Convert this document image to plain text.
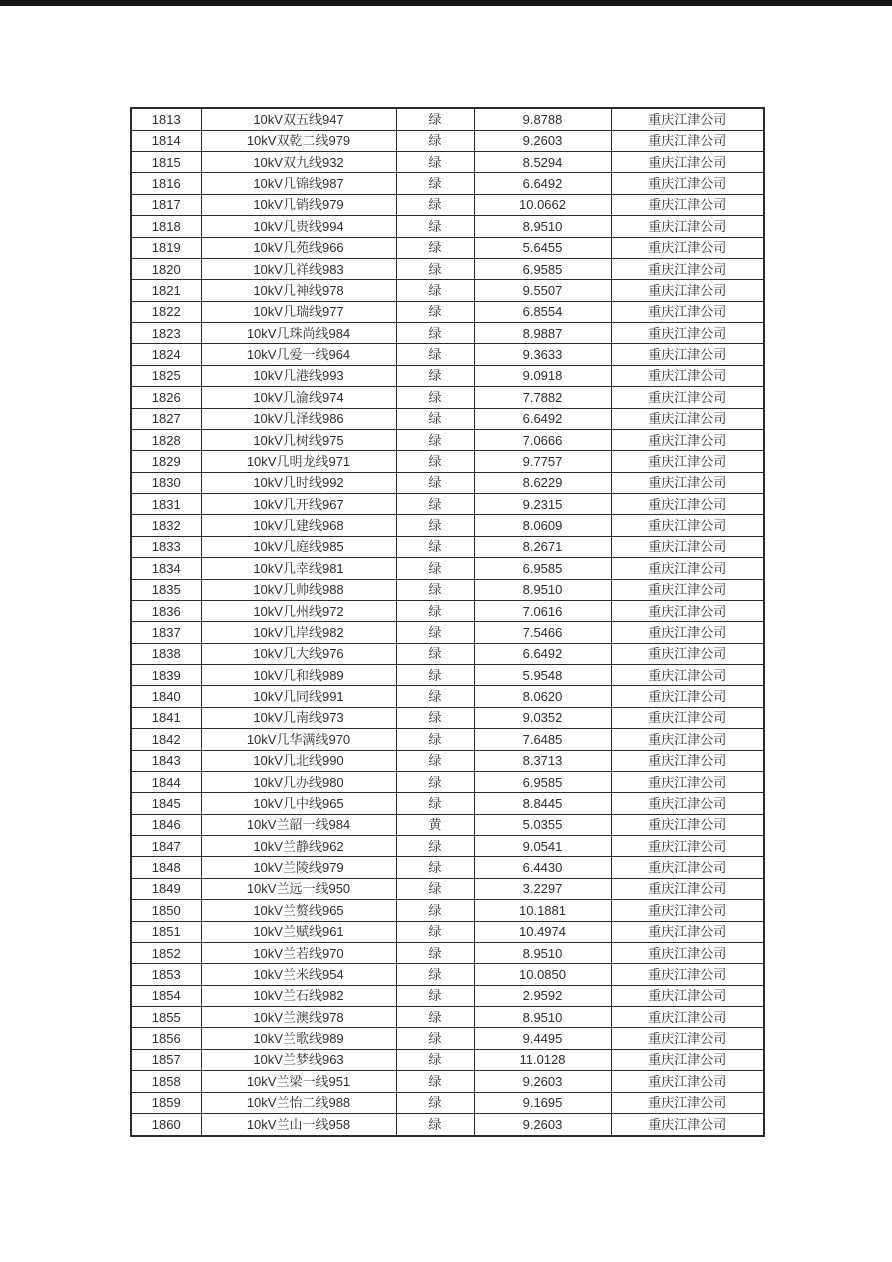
1813	10kV双五线947	绿	9.8788	重庆江津公司
1814	10kV双乾二线979	绿	9.2603	重庆江津公司
1815	10kV双九线932	绿	8.5294	重庆江津公司
1816	10kV几锦线987	绿	6.6492	重庆江津公司
1817	10kV几销线979	绿	10.0662	重庆江津公司
1818	10kV几贵线994	绿	8.9510	重庆江津公司
1819	10kV几苑线966	绿	5.6455	重庆江津公司
1820	10kV几祥线983	绿	6.9585	重庆江津公司
1821	10kV几神线978	绿	9.5507	重庆江津公司
1822	10kV几瑞线977	绿	6.8554	重庆江津公司
1823	10kV几珠尚线984	绿	8.9887	重庆江津公司
1824	10kV几爱一线964	绿	9.3633	重庆江津公司
1825	10kV几港线993	绿	9.0918	重庆江津公司
1826	10kV几渝线974	绿	7.7882	重庆江津公司
1827	10kV几泽线986	绿	6.6492	重庆江津公司
1828	10kV几树线975	绿	7.0666	重庆江津公司
1829	10kV几明龙线971	绿	9.7757	重庆江津公司
1830	10kV几时线992	绿	8.6229	重庆江津公司
1831	10kV几开线967	绿	9.2315	重庆江津公司
1832	10kV几建线968	绿	8.0609	重庆江津公司
1833	10kV几庭线985	绿	8.2671	重庆江津公司
1834	10kV几幸线981	绿	6.9585	重庆江津公司
1835	10kV几帅线988	绿	8.9510	重庆江津公司
1836	10kV几州线972	绿	7.0616	重庆江津公司
1837	10kV几岸线982	绿	7.5466	重庆江津公司
1838	10kV几大线976	绿	6.6492	重庆江津公司
1839	10kV几和线989	绿	5.9548	重庆江津公司
1840	10kV几同线991	绿	8.0620	重庆江津公司
1841	10kV几南线973	绿	9.0352	重庆江津公司
1842	10kV几华满线970	绿	7.6485	重庆江津公司
1843	10kV几北线990	绿	8.3713	重庆江津公司
1844	10kV几办线980	绿	6.9585	重庆江津公司
1845	10kV几中线965	绿	8.8445	重庆江津公司
1846	10kV兰韶一线984	黄	5.0355	重庆江津公司
1847	10kV兰静线962	绿	9.0541	重庆江津公司
1848	10kV兰陵线979	绿	6.4430	重庆江津公司
1849	10kV兰远一线950	绿	3.2297	重庆江津公司
1850	10kV兰赘线965	绿	10.1881	重庆江津公司
1851	10kV兰赋线961	绿	10.4974	重庆江津公司
1852	10kV兰若线970	绿	8.9510	重庆江津公司
1853	10kV兰米线954	绿	10.0850	重庆江津公司
1854	10kV兰石线982	绿	2.9592	重庆江津公司
1855	10kV兰澳线978	绿	8.9510	重庆江津公司
1856	10kV兰歌线989	绿	9.4495	重庆江津公司
1857	10kV兰梦线963	绿	11.0128	重庆江津公司
1858	10kV兰梁一线951	绿	9.2603	重庆江津公司
1859	10kV兰怡二线988	绿	9.1695	重庆江津公司
1860	10kV兰山一线958	绿	9.2603	重庆江津公司
